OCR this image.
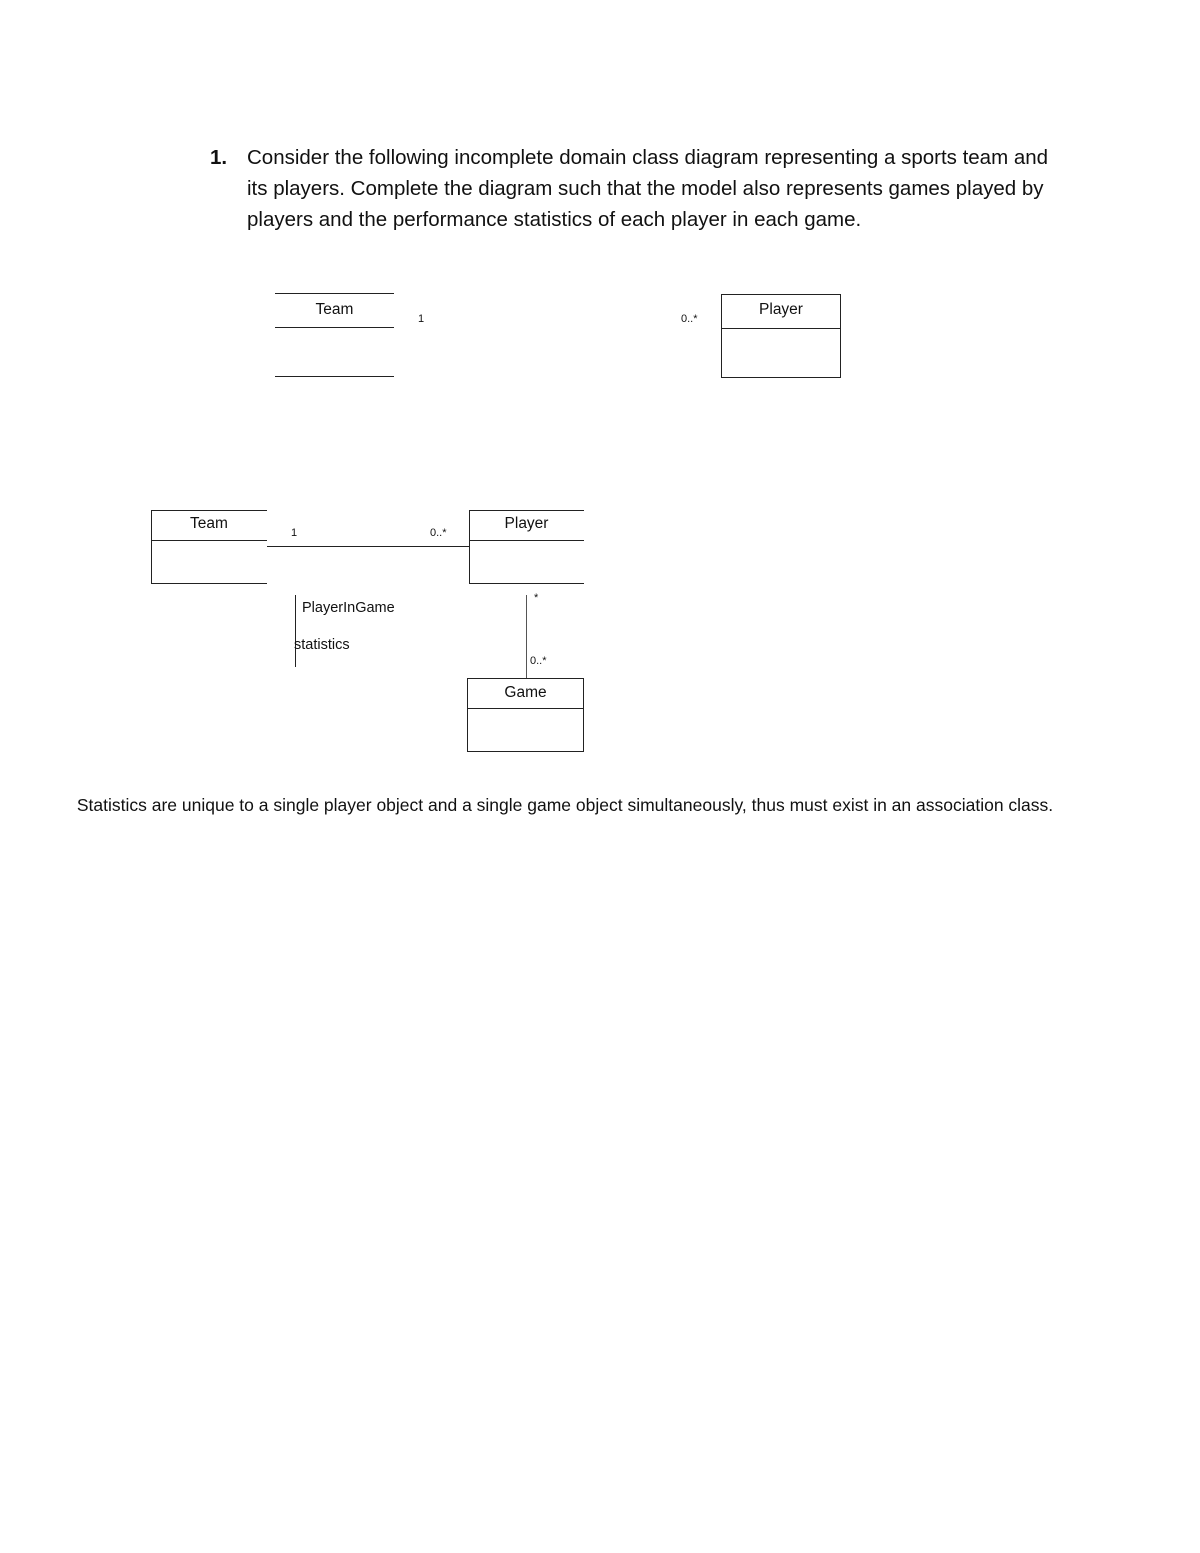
1. Consider the following incomplete domain class diagram representing a sports team and its players. Complete the diagram such that the model also represents games played by players and the performance statistics of each player in each game.
Team
1	0..*
Player
Team
1	0..*
Player
PlayerInGame
statistics
*
0..*
Game
Statistics are unique to a single player object and a single game object simultaneously, thus must exist in an association class.
